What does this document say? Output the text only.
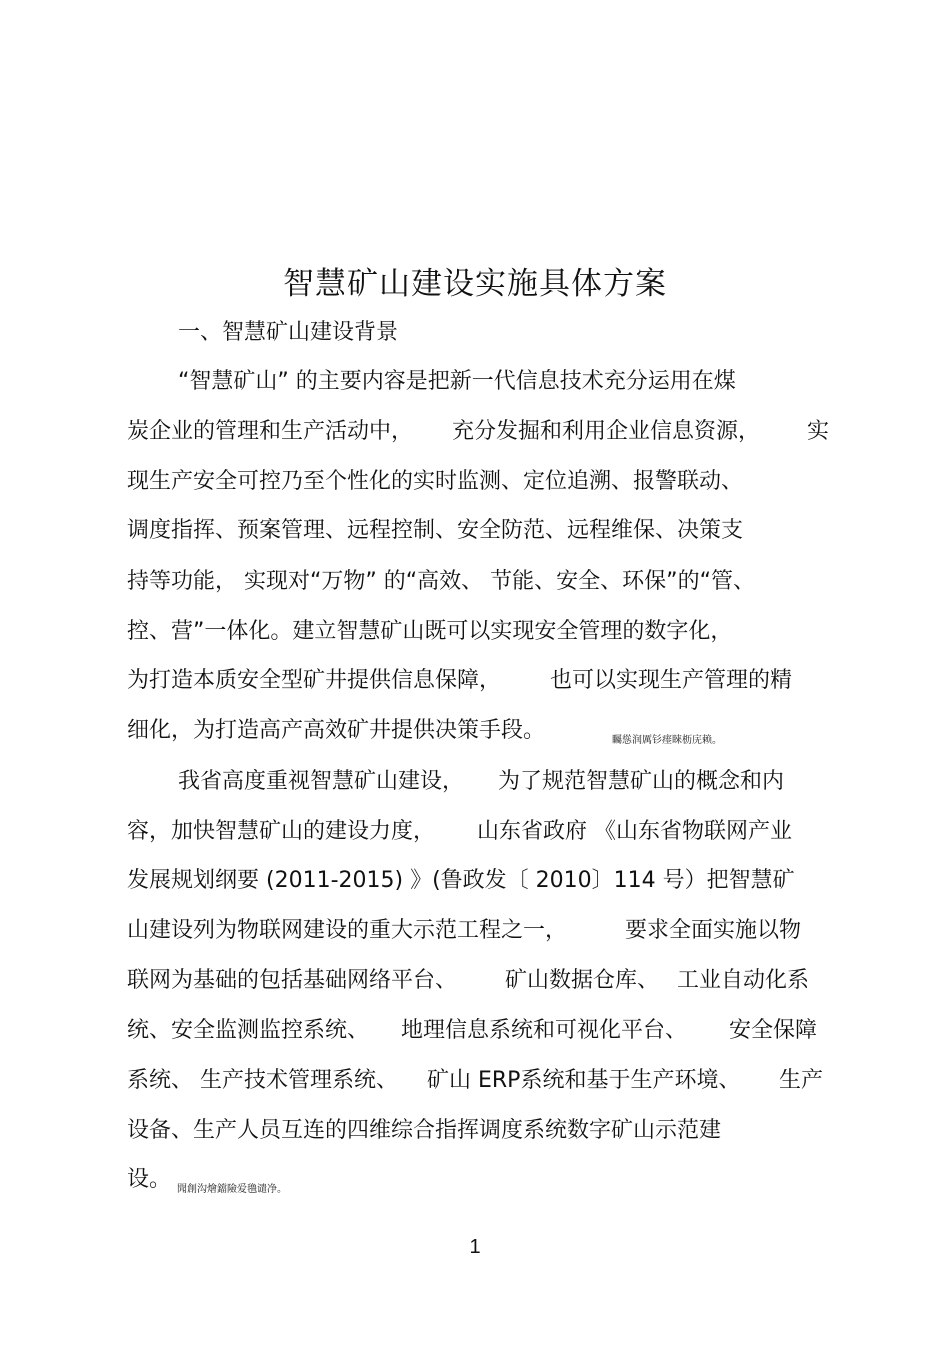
智慧矿山建设实施具体方案
一、智慧矿山建设背景
“智慧矿山” 的主要内容是把新一代信息技术充分运用在煤
炭企业的管理和生产活动中， 充分发掘和利用企业信息资源， 实
现生产安全可控乃至个性化的实时监测、定位追溯、报警联动、
调度指挥、预案管理、远程控制、安全防范、远程维保、决策支
持等功能， 实现对“万物” 的“高效、 节能、安全、环保”的“管、
控、营”一体化。建立智慧矿山既可以实现安全管理的数字化，
为打造本质安全型矿井提供信息保障， 也可以实现生产管理的精
细化，为打造高产高效矿井提供决策手段。	矚慫润厲钐瘗睞枥庑赖。
我省高度重视智慧矿山建设， 为了规范智慧矿山的概念和内
容，加快智慧矿山的建设力度， 山东省政府 《山东省物联网产业
发展规划纲要 (2011-2015) 》(鲁政发〔 2010〕114 号）把智慧矿
山建设列为物联网建设的重大示范工程之一，	要求全面实施以物
联网为基础的包括基础网络平台、 矿山数据仓库、 工业自动化系
统、安全监测监控系统、 地理信息系统和可视化平台、 安全保障
系统、 生产技术管理系统、 矿山 ERP系统和基于生产环境、 生产
设备、生产人员互连的四维综合指挥调度系统数字矿山示范建
设。 聞創沟燴鐺險爱氇谴净。
1
